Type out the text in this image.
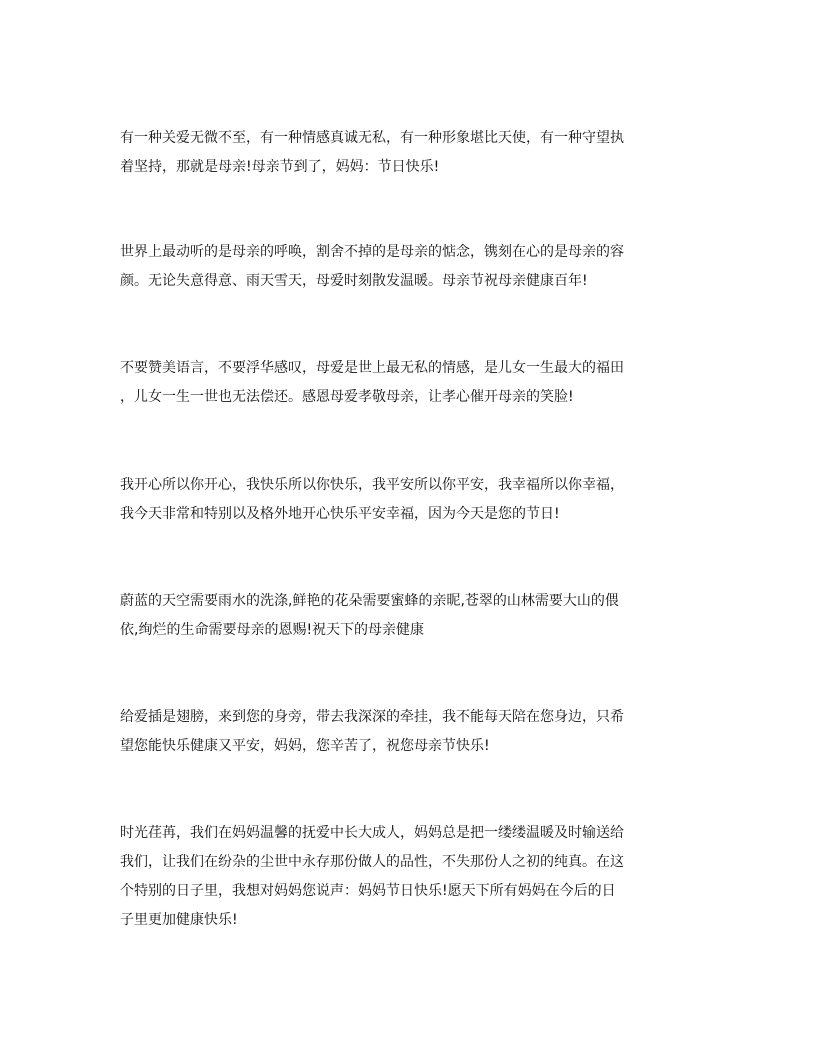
有一种关爱无微不至，有一种情感真诚无私，有一种形象堪比天使，有一种守望执
着坚持，那就是母亲!母亲节到了，妈妈：节日快乐!

世界上最动听的是母亲的呼唤，割舍不掉的是母亲的惦念，镌刻在心的是母亲的容
颜。无论失意得意、雨天雪天，母爱时刻散发温暖。母亲节祝母亲健康百年!

不要赞美语言，不要浮华感叹，母爱是世上最无私的情感，是儿女一生最大的福田
，儿女一生一世也无法偿还。感恩母爱孝敬母亲，让孝心催开母亲的笑脸!

我开心所以你开心，我快乐所以你快乐，我平安所以你平安，我幸福所以你幸福，
我今天非常和特别以及格外地开心快乐平安幸福，因为今天是您的节日!

蔚蓝的天空需要雨水的洗涤,鲜艳的花朵需要蜜蜂的亲昵,苍翠的山林需要大山的偎
依,绚烂的生命需要母亲的恩赐!祝天下的母亲健康

给爱插是翅膀，来到您的身旁，带去我深深的牵挂，我不能每天陪在您身边，只希
望您能快乐健康又平安，妈妈，您辛苦了，祝您母亲节快乐!

时光荏苒，我们在妈妈温馨的抚爱中长大成人，妈妈总是把一缕缕温暖及时输送给
我们，让我们在纷杂的尘世中永存那份做人的品性，不失那份人之初的纯真。在这
个特别的日子里，我想对妈妈您说声：妈妈节日快乐!愿天下所有妈妈在今后的日
子里更加健康快乐!
